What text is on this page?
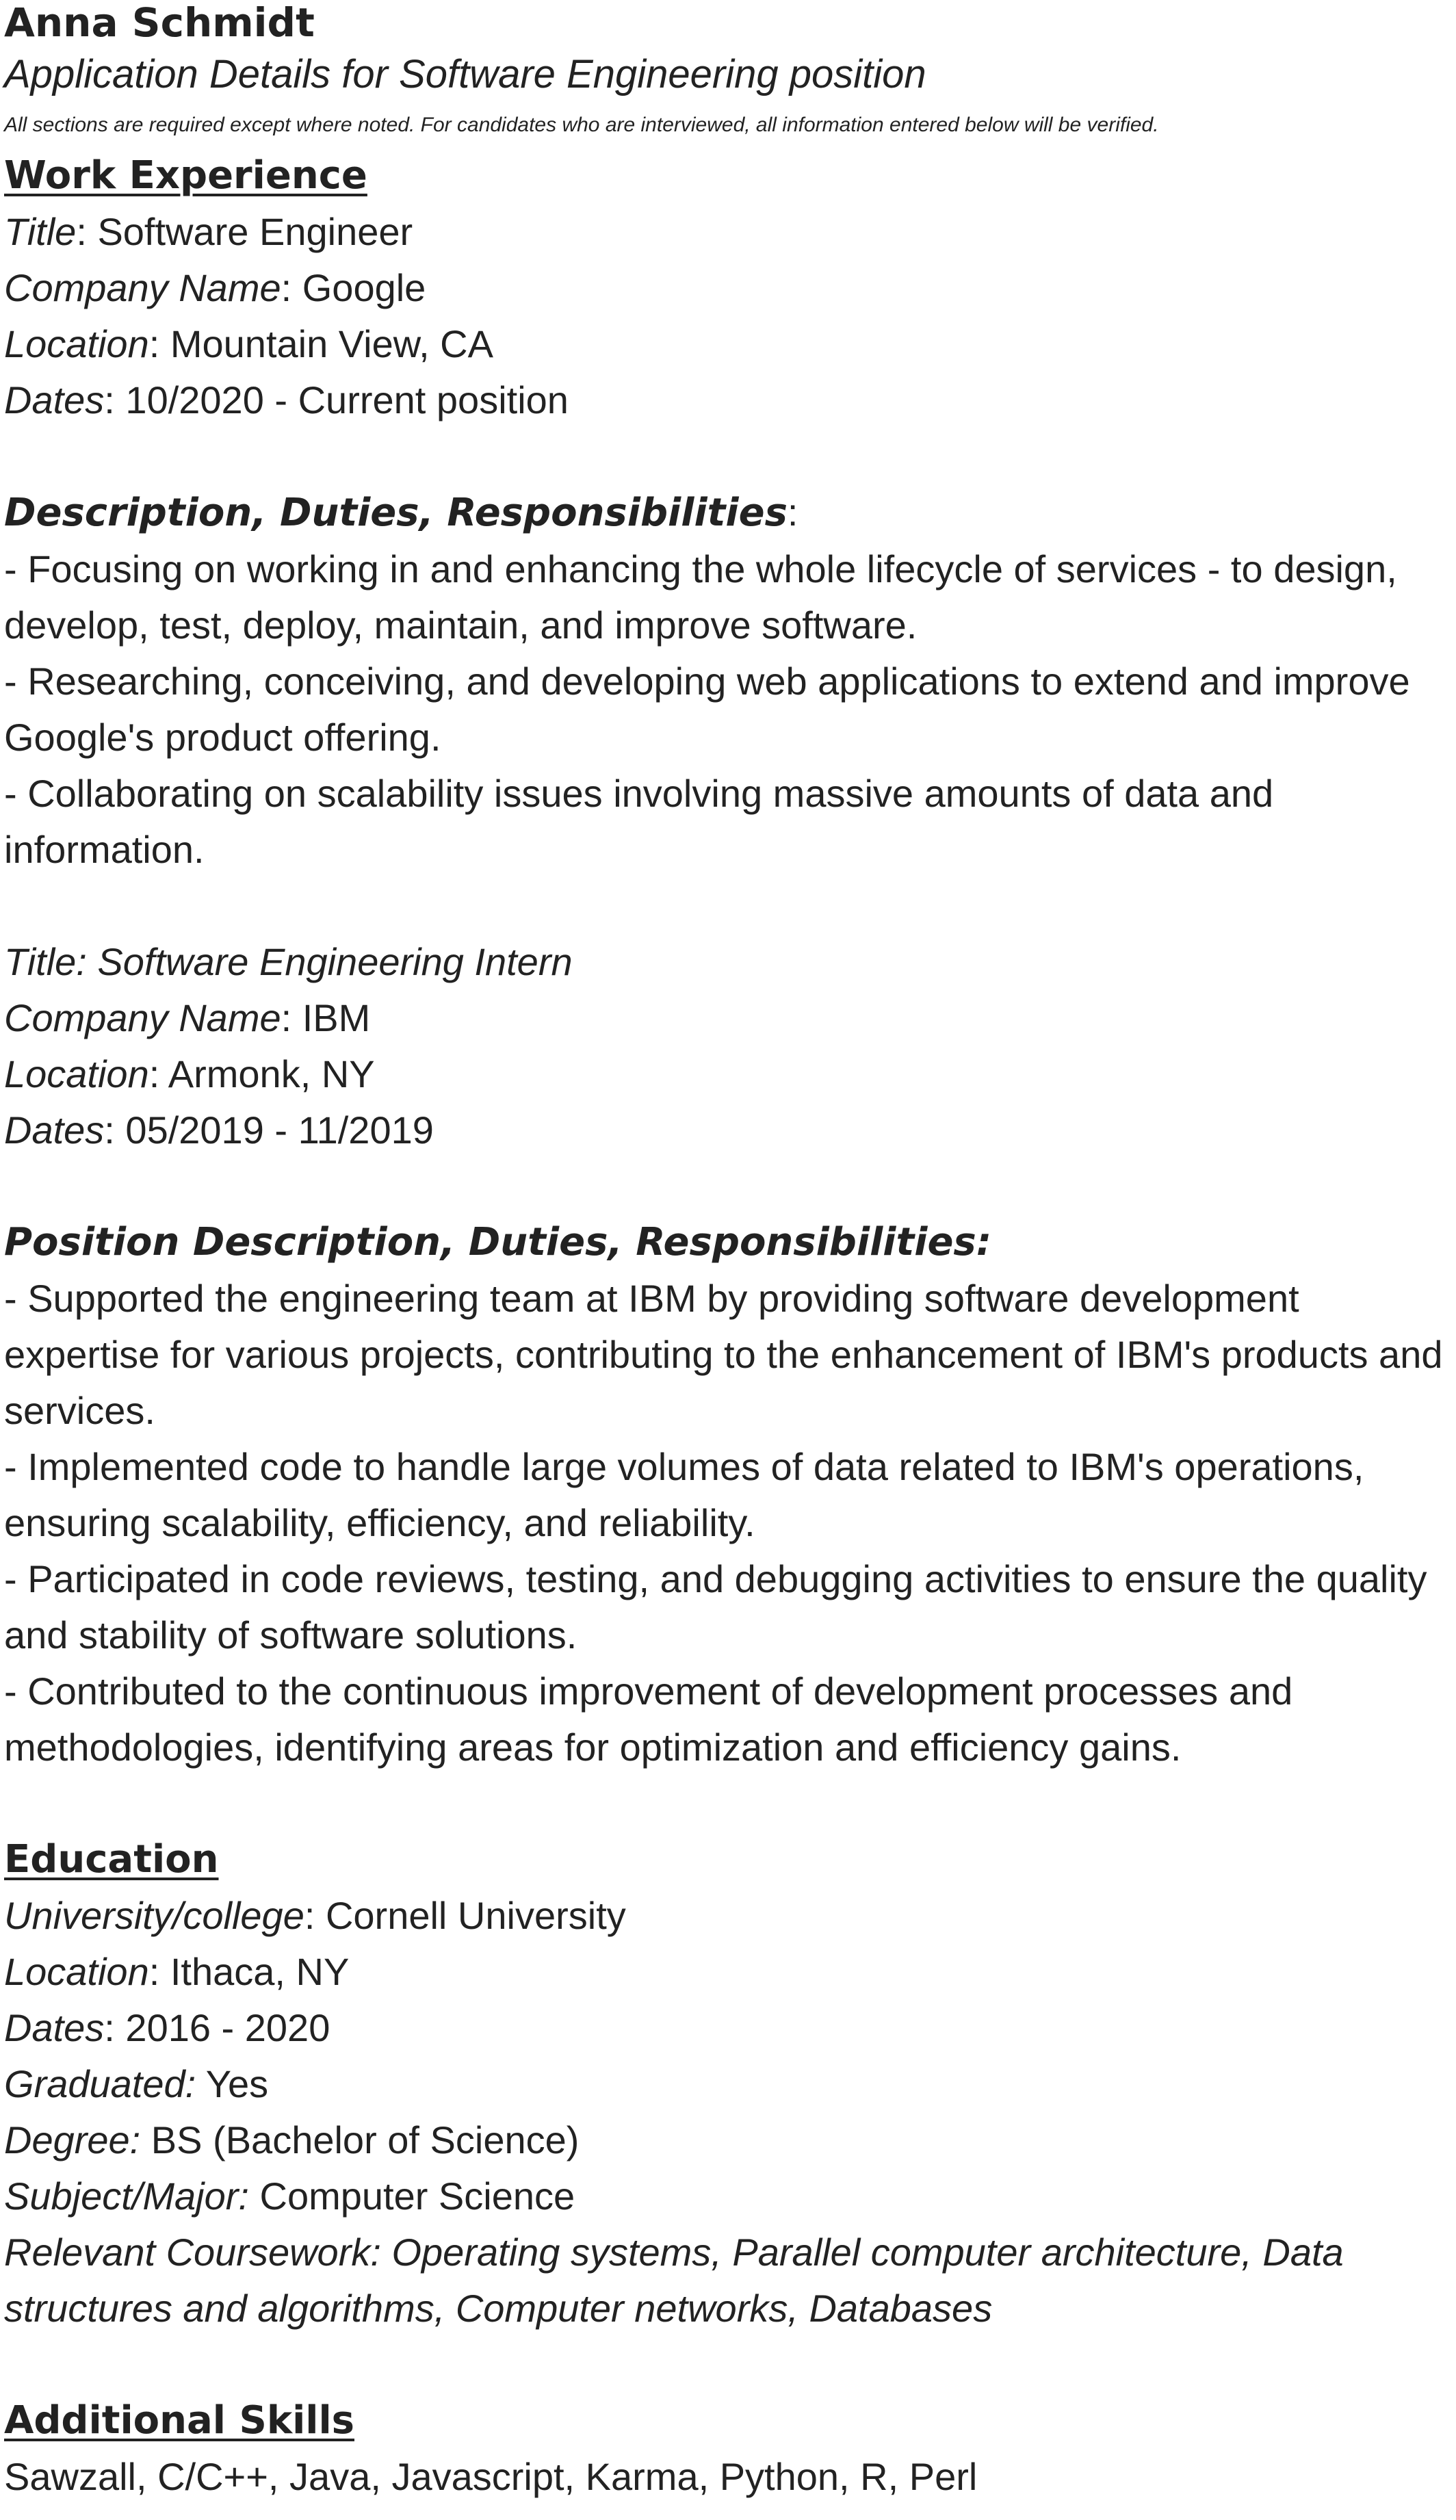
Anna Schmidt
Application Details for Software Engineering position
All sections are required except where noted. For candidates who are interviewed, all information entered below will be verified.
Work Experience
Title: Software Engineer
Company Name: Google
Location: Mountain View, CA
Dates: 10/2020 - Current position
Description, Duties, Responsibilities:
- Focusing on working in and enhancing the whole lifecycle of services - to design, develop, test, deploy, maintain, and improve software.
- Researching, conceiving, and developing web applications to extend and improve Google's product offering.
- Collaborating on scalability issues involving massive amounts of data and information.
Title: Software Engineering Intern
Company Name: IBM
Location: Armonk, NY
Dates: 05/2019 - 11/2019
Position Description, Duties, Responsibilities:
- Supported the engineering team at IBM by providing software development expertise for various projects, contributing to the enhancement of IBM's products and services.
- Implemented code to handle large volumes of data related to IBM's operations, ensuring scalability, efficiency, and reliability.
- Participated in code reviews, testing, and debugging activities to ensure the quality and stability of software solutions.
- Contributed to the continuous improvement of development processes and methodologies, identifying areas for optimization and efficiency gains.
Education
University/college: Cornell University
Location: Ithaca, NY
Dates: 2016 - 2020
Graduated: Yes
Degree: BS (Bachelor of Science)
Subject/Major: Computer Science
Relevant Coursework: Operating systems, Parallel computer architecture, Data structures and algorithms, Computer networks, Databases
Additional Skills
Sawzall, C/C++, Java, Javascript, Karma, Python, R, Perl
